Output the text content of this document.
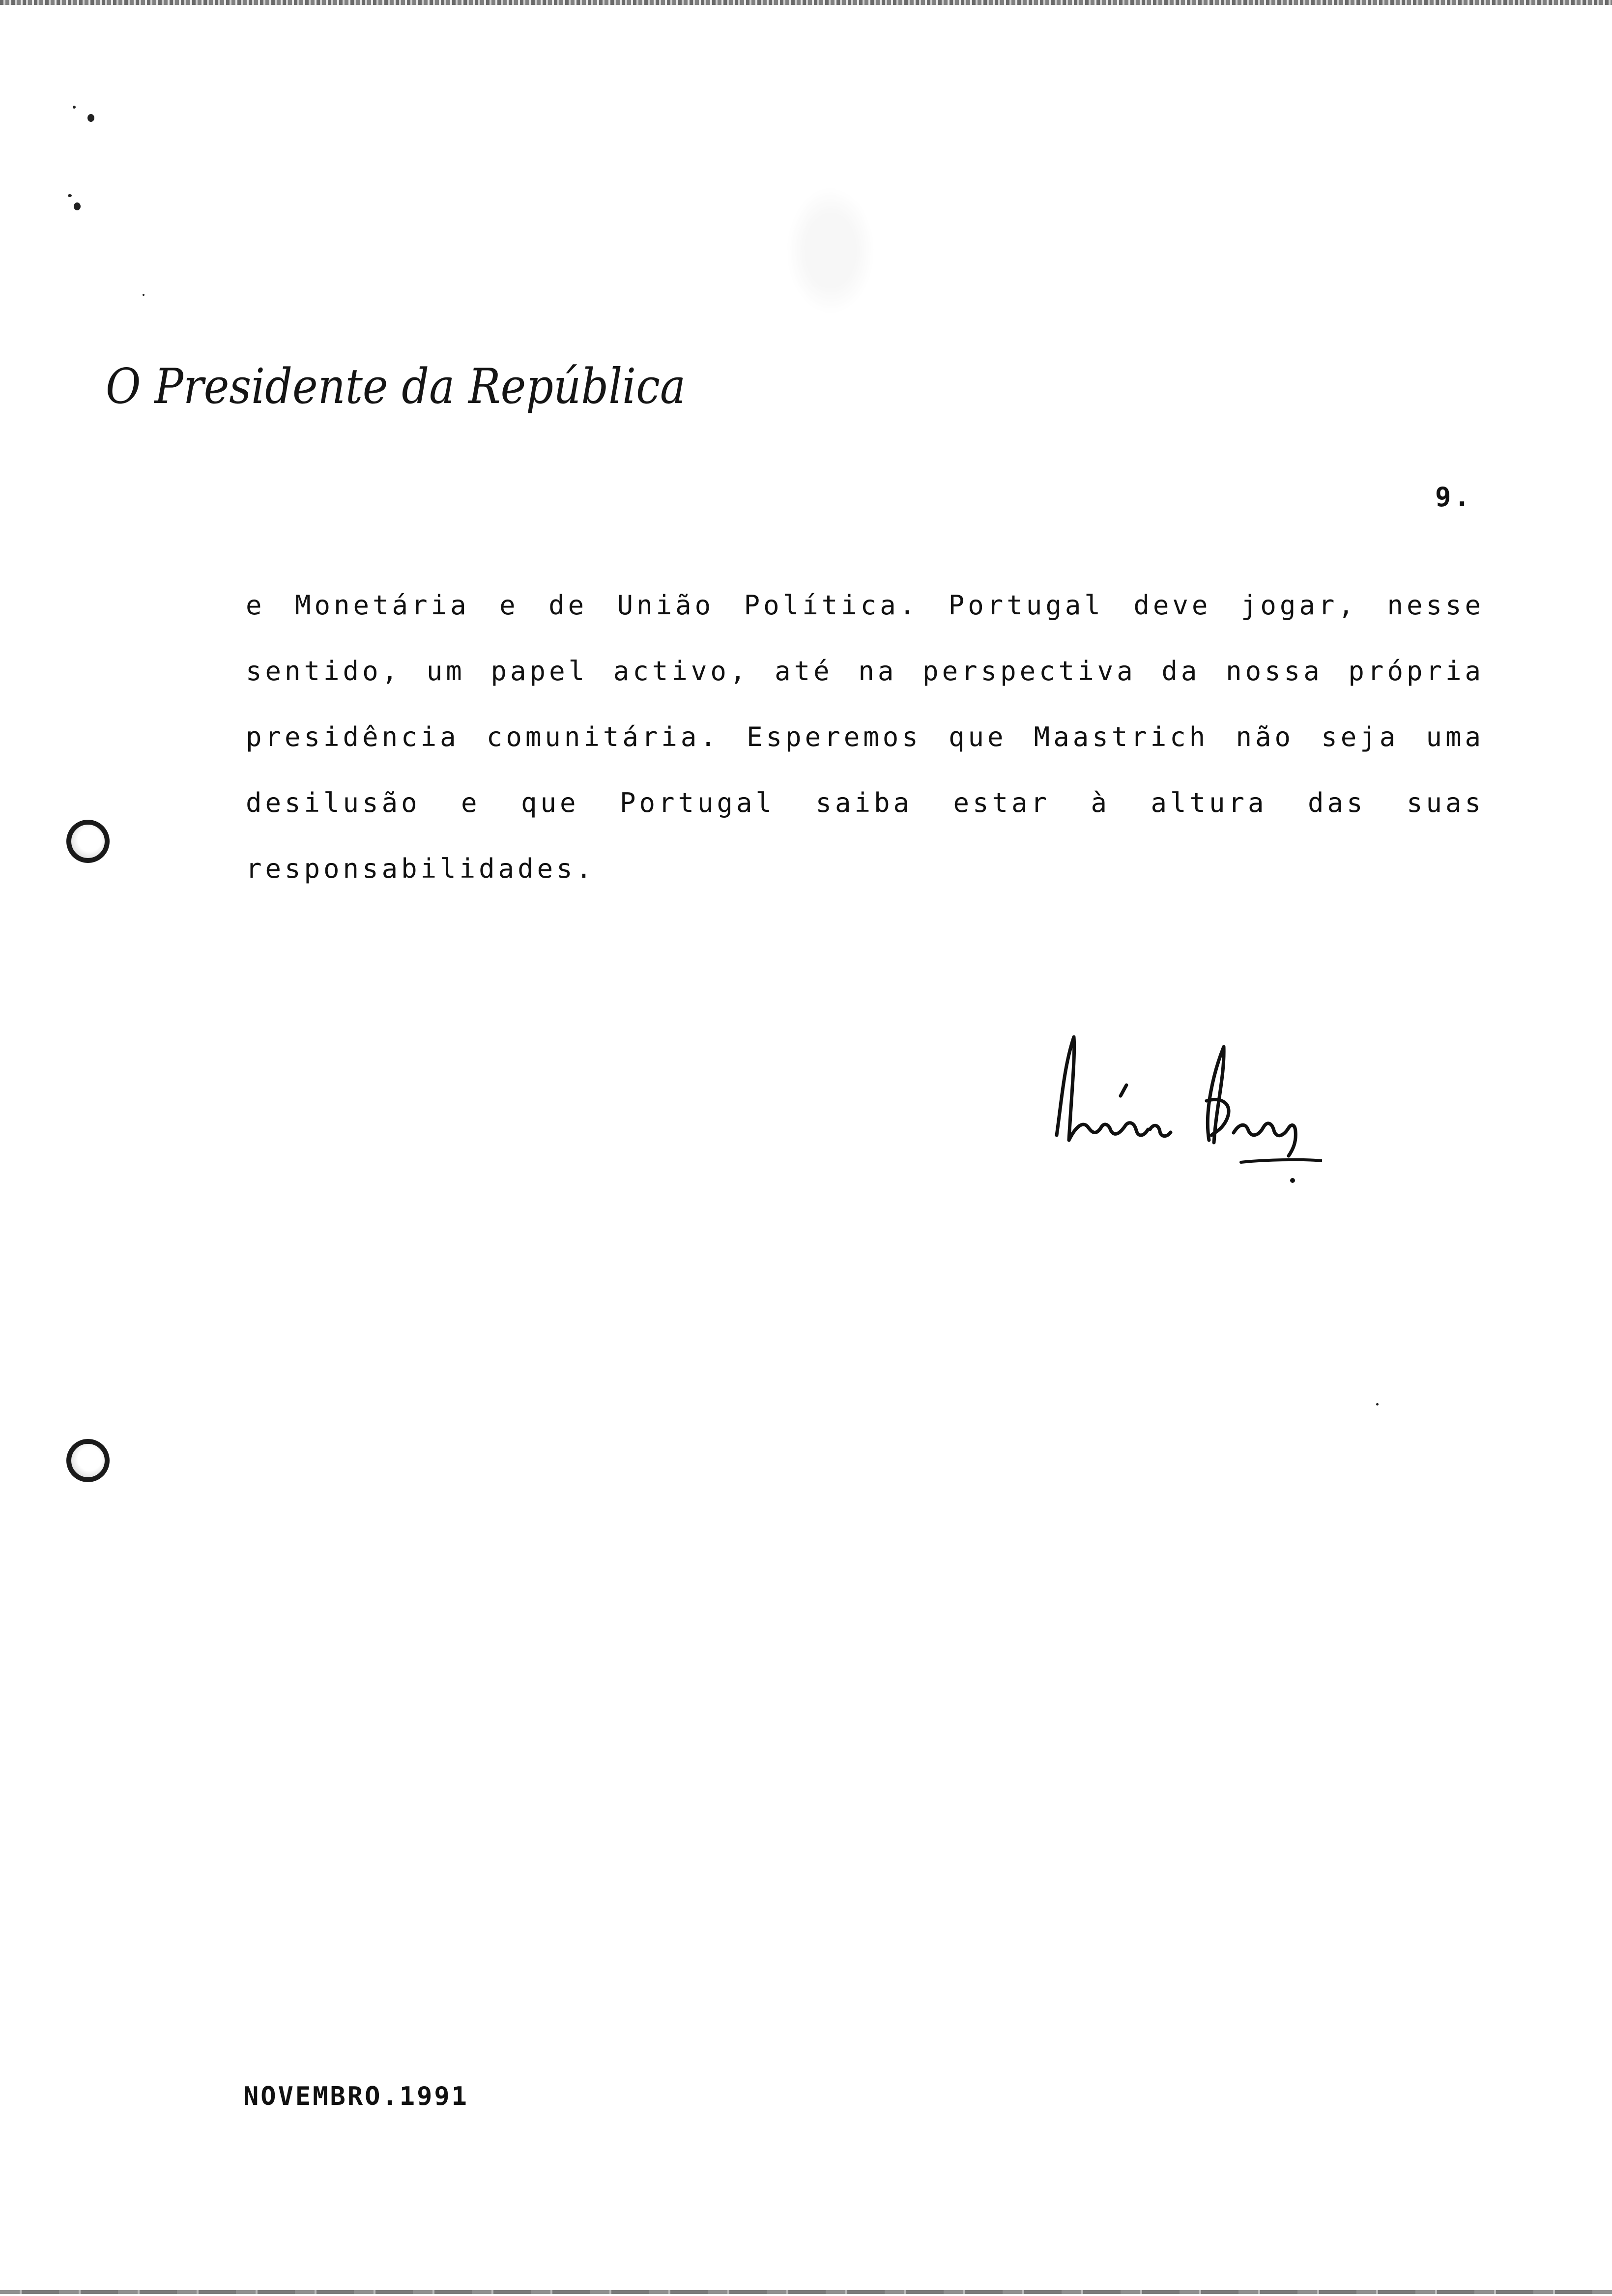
O Presidente da República
9.
e Monetária e de União Política. Portugal deve jogar, nesse
sentido, um papel activo, até na perspectiva da nossa própria
presidência comunitária. Esperemos que Maastrich não seja uma
desilusão e que Portugal saiba estar à altura das suas
responsabilidades.
NOVEMBRO.1991
